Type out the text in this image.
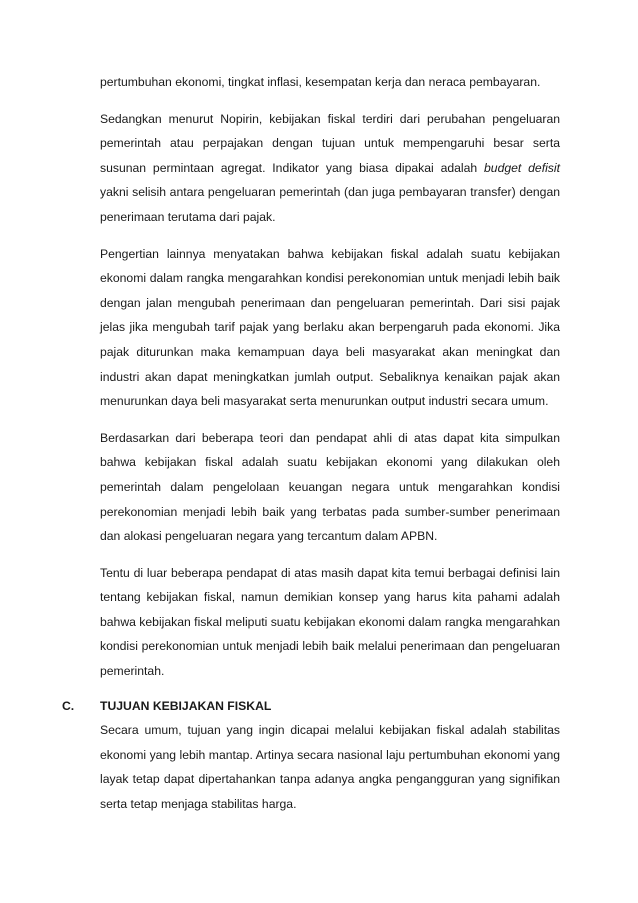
pertumbuhan ekonomi, tingkat inflasi, kesempatan kerja dan neraca pembayaran.

Sedangkan menurut Nopirin, kebijakan fiskal terdiri dari perubahan pengeluaran pemerintah atau perpajakan dengan tujuan untuk mempengaruhi besar serta susunan permintaan agregat. Indikator yang biasa dipakai adalah budget defisit yakni selisih antara pengeluaran pemerintah (dan juga pembayaran transfer) dengan penerimaan terutama dari pajak.

Pengertian lainnya menyatakan bahwa kebijakan fiskal adalah suatu kebijakan ekonomi dalam rangka mengarahkan kondisi perekonomian untuk menjadi lebih baik dengan jalan mengubah penerimaan dan pengeluaran pemerintah. Dari sisi pajak jelas jika mengubah tarif pajak yang berlaku akan berpengaruh pada ekonomi. Jika pajak diturunkan maka kemampuan daya beli masyarakat akan meningkat dan industri akan dapat meningkatkan jumlah output. Sebaliknya kenaikan pajak akan menurunkan daya beli masyarakat serta menurunkan output industri secara umum.

Berdasarkan dari beberapa teori dan pendapat ahli di atas dapat kita simpulkan bahwa kebijakan fiskal adalah suatu kebijakan ekonomi yang dilakukan oleh pemerintah dalam pengelolaan keuangan negara untuk mengarahkan kondisi perekonomian menjadi lebih baik yang terbatas pada sumber-sumber penerimaan dan alokasi pengeluaran negara yang tercantum dalam APBN.

Tentu di luar beberapa pendapat di atas masih dapat kita temui berbagai definisi lain tentang kebijakan fiskal, namun demikian konsep yang harus kita pahami adalah bahwa kebijakan fiskal meliputi suatu kebijakan ekonomi dalam rangka mengarahkan kondisi perekonomian untuk menjadi lebih baik melalui penerimaan dan pengeluaran pemerintah.

C. TUJUAN KEBIJAKAN FISKAL

Secara umum, tujuan yang ingin dicapai melalui kebijakan fiskal adalah stabilitas ekonomi yang lebih mantap. Artinya secara nasional laju pertumbuhan ekonomi yang layak tetap dapat dipertahankan tanpa adanya angka pengangguran yang signifikan serta tetap menjaga stabilitas harga.
